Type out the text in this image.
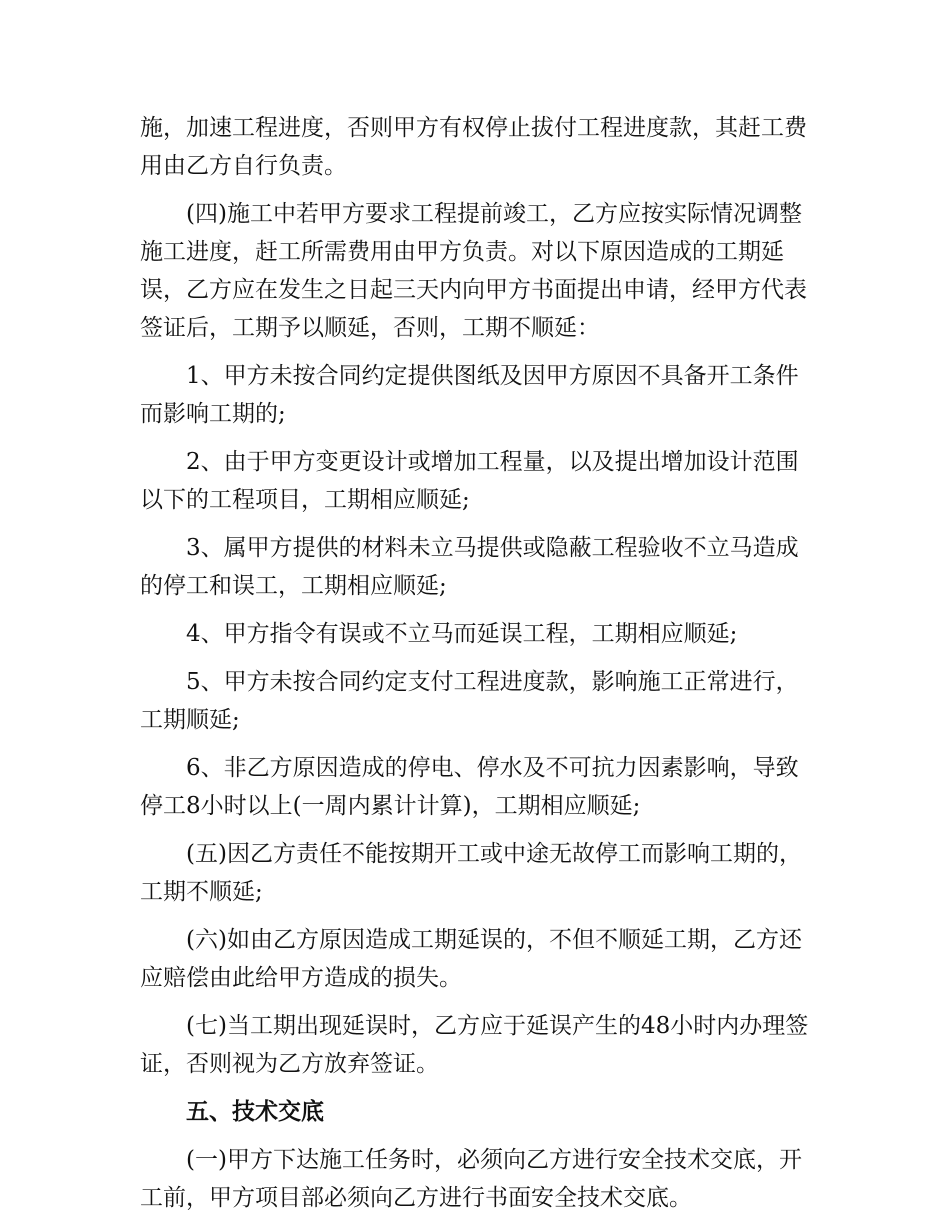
施，加速工程进度，否则甲方有权停止拔付工程进度款，其赶工费用由乙方自行负责。

(四)施工中若甲方要求工程提前竣工，乙方应按实际情况调整施工进度，赶工所需费用由甲方负责。对以下原因造成的工期延误，乙方应在发生之日起三天内向甲方书面提出申请，经甲方代表签证后，工期予以顺延，否则，工期不顺延：

1、甲方未按合同约定提供图纸及因甲方原因不具备开工条件而影响工期的;

2、由于甲方变更设计或增加工程量，以及提出增加设计范围以下的工程项目，工期相应顺延;

3、属甲方提供的材料未立马提供或隐蔽工程验收不立马造成的停工和误工，工期相应顺延;

4、甲方指令有误或不立马而延误工程，工期相应顺延;

5、甲方未按合同约定支付工程进度款，影响施工正常进行，工期顺延;

6、非乙方原因造成的停电、停水及不可抗力因素影响，导致停工8小时以上(一周内累计计算)，工期相应顺延;

(五)因乙方责任不能按期开工或中途无故停工而影响工期的，工期不顺延;

(六)如由乙方原因造成工期延误的，不但不顺延工期，乙方还应赔偿由此给甲方造成的损失。

(七)当工期出现延误时，乙方应于延误产生的48小时内办理签证，否则视为乙方放弃签证。

五、技术交底

(一)甲方下达施工任务时，必须向乙方进行安全技术交底，开工前，甲方项目部必须向乙方进行书面安全技术交底。
